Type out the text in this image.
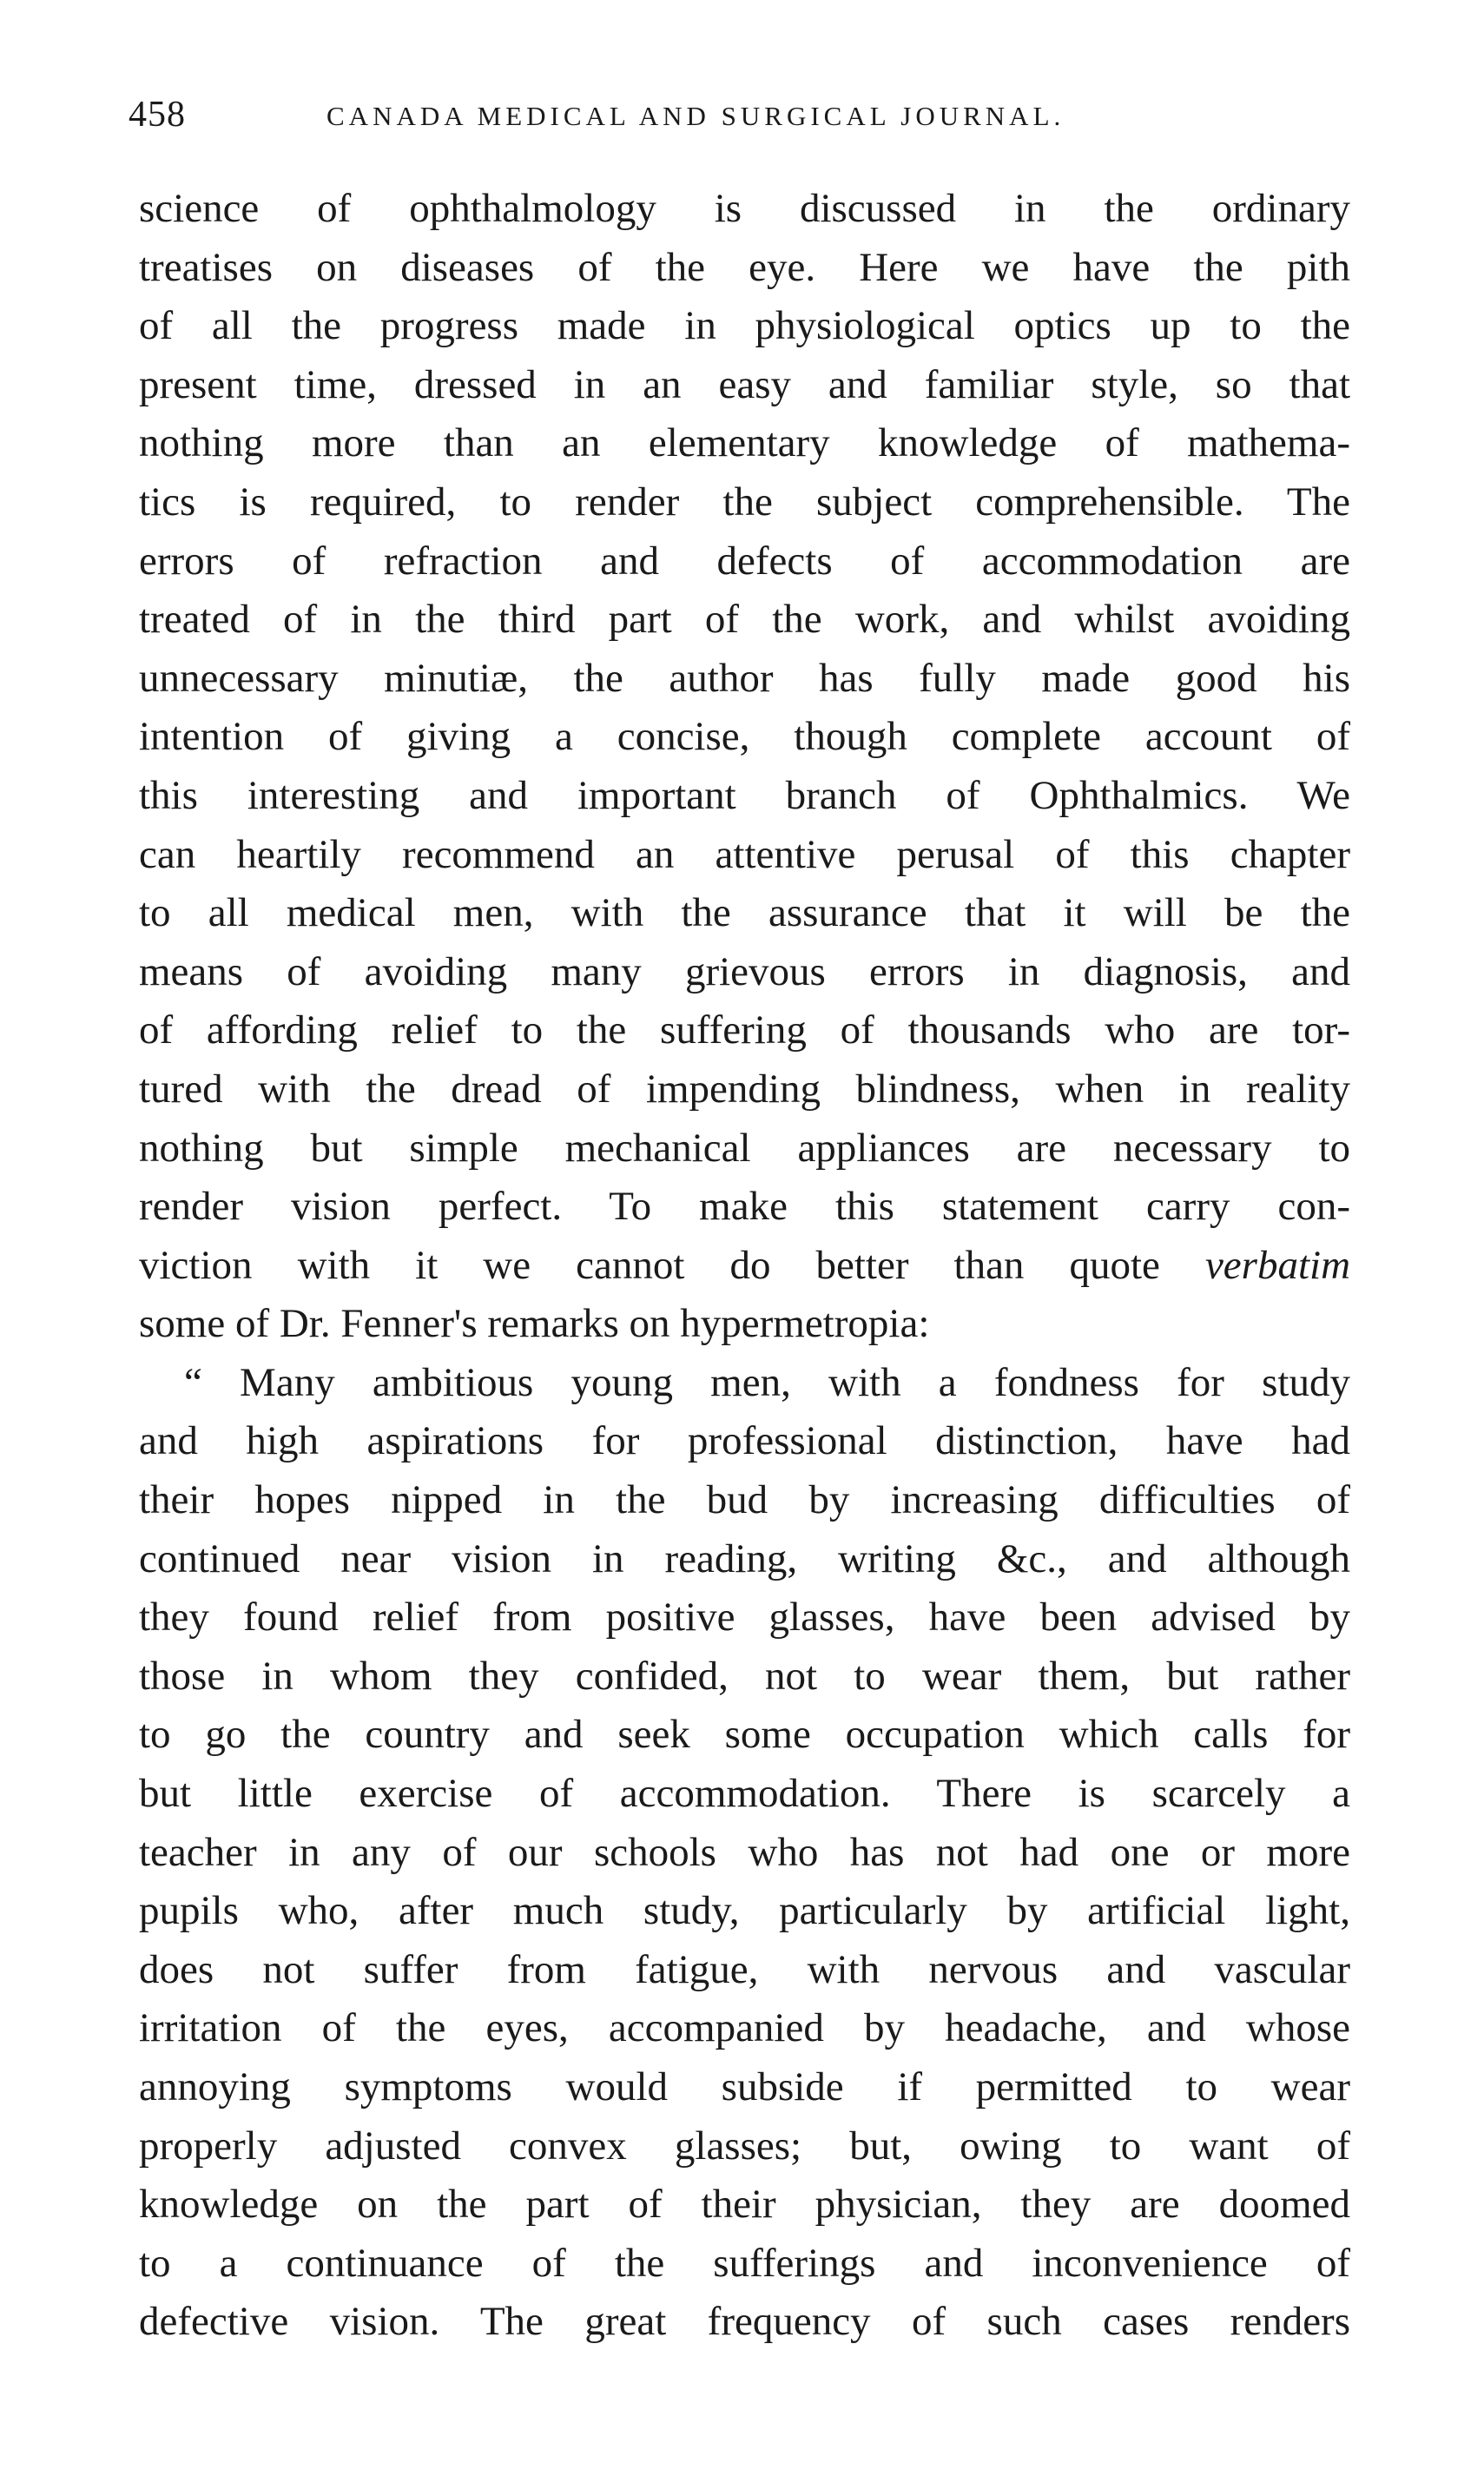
458	CANADA MEDICAL AND SURGICAL JOURNAL.
science of ophthalmology is discussed in the ordinary
treatises on diseases of the eye. Here we have the pith
of all the progress made in physiological optics up to the
present time, dressed in an easy and familiar style, so that
nothing more than an elementary knowledge of mathema-
tics is required, to render the subject comprehensible. The
errors of refraction and defects of accommodation are
treated of in the third part of the work, and whilst avoiding
unnecessary minutiæ, the author has fully made good his
intention of giving a concise, though complete account of
this interesting and important branch of Ophthalmics. We
can heartily recommend an attentive perusal of this chapter
to all medical men, with the assurance that it will be the
means of avoiding many grievous errors in diagnosis, and
of affording relief to the suffering of thousands who are tor-
tured with the dread of impending blindness, when in reality
nothing but simple mechanical appliances are necessary to
render vision perfect. To make this statement carry con-
viction with it we cannot do better than quote verbatim
some of Dr. Fenner's remarks on hypermetropia:
“ Many ambitious young men, with a fondness for study
and high aspirations for professional distinction, have had
their hopes nipped in the bud by increasing difficulties of
continued near vision in reading, writing &c., and although
they found relief from positive glasses, have been advised by
those in whom they confided, not to wear them, but rather
to go the country and seek some occupation which calls for
but little exercise of accommodation. There is scarcely a
teacher in any of our schools who has not had one or more
pupils who, after much study, particularly by artificial light,
does not suffer from fatigue, with nervous and vascular
irritation of the eyes, accompanied by headache, and whose
annoying symptoms would subside if permitted to wear
properly adjusted convex glasses; but, owing to want of
knowledge on the part of their physician, they are doomed
to a continuance of the sufferings and inconvenience of
defective vision. The great frequency of such cases renders
